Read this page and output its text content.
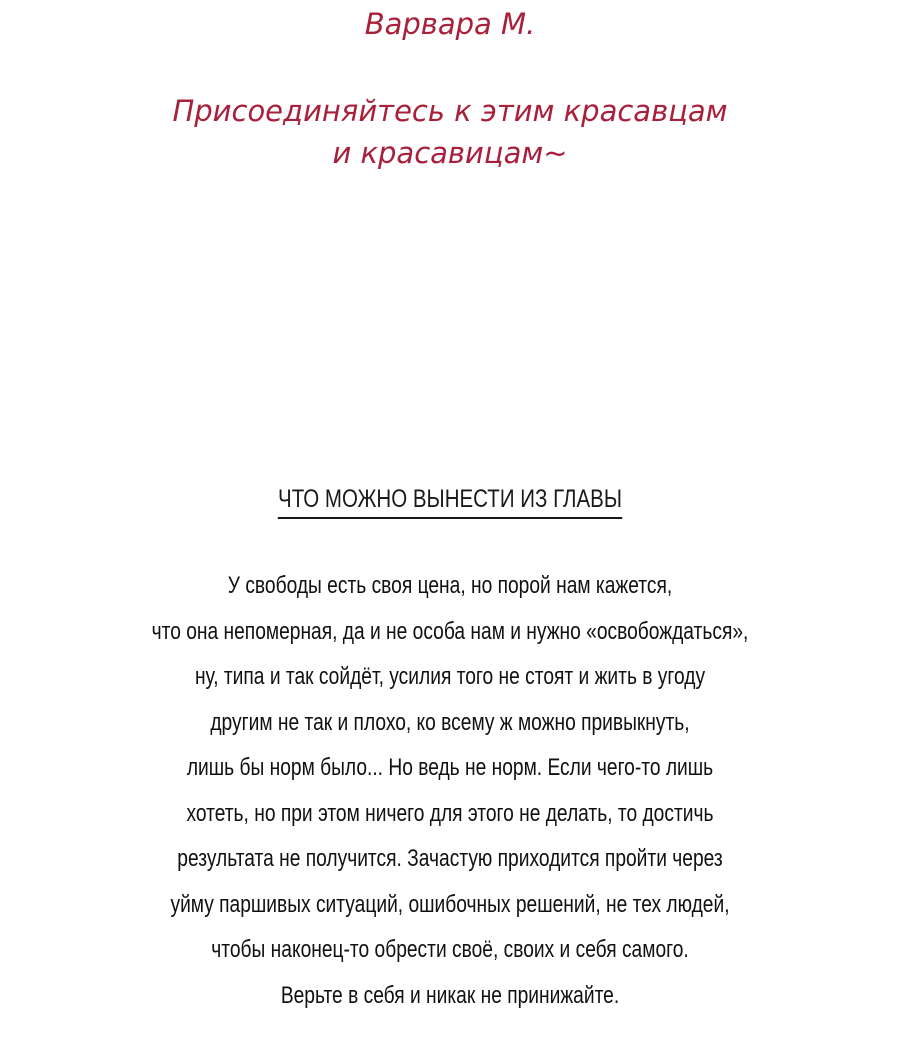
Варвара М.
Присоединяйтесь к этим красавцам
и красавицам~
ЧТО МОЖНО ВЫНЕСТИ ИЗ ГЛАВЫ
У свободы есть своя цена, но порой нам кажется,
что она непомерная, да и не особа нам и нужно «освобождаться»,
ну, типа и так сойдёт, усилия того не стоят и жить в угоду
другим не так и плохо, ко всему ж можно привыкнуть,
лишь бы норм было... Но ведь не норм. Если чего-то лишь
хотеть, но при этом ничего для этого не делать, то достичь
результата не получится. Зачастую приходится пройти через
уйму паршивых ситуаций, ошибочных решений, не тех людей,
чтобы наконец-то обрести своё, своих и себя самого.
Верьте в себя и никак не принижайте.
